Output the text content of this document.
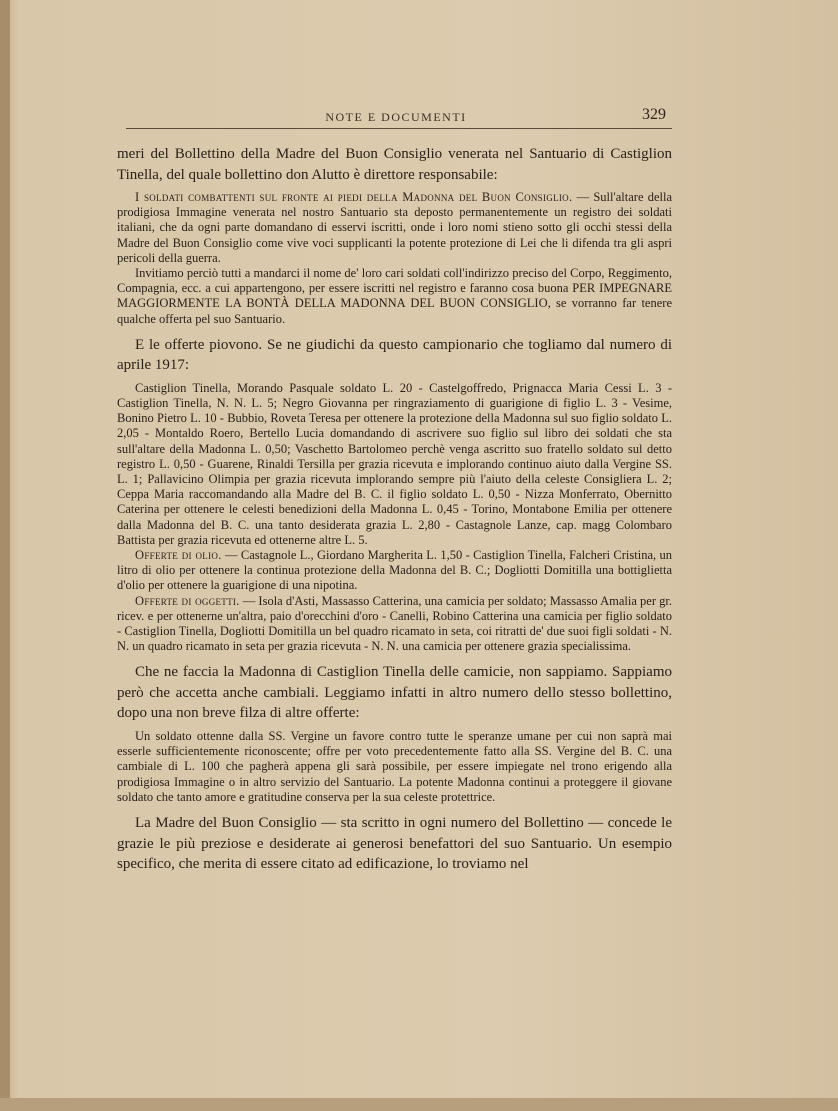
NOTE E DOCUMENTI	329

meri del Bollettino della Madre del Buon Consiglio venerata nel Santuario di Castiglion Tinella, del quale bollettino don Alutto è direttore responsabile:

I soldati combattenti sul fronte ai piedi della Madonna del Buon Consiglio. — Sull'altare della prodigiosa Immagine venerata nel nostro Santuario sta deposto permanentemente un registro dei soldati italiani, che da ogni parte domandano di esservi iscritti, onde i loro nomi stieno sotto gli occhi stessi della Madre del Buon Consiglio come vive voci supplicanti la potente protezione di Lei che li difenda tra gli aspri pericoli della guerra.

Invitiamo perciò tutti a mandarci il nome de' loro cari soldati coll'indirizzo preciso del Corpo, Reggimento, Compagnia, ecc. a cui appartengono, per essere iscritti nel registro e faranno cosa buona PER IMPEGNARE MAGGIORMENTE LA BONTÀ DELLA MADONNA DEL BUON CONSIGLIO, se vorranno far tenere qualche offerta pel suo Santuario.

E le offerte piovono. Se ne giudichi da questo campionario che togliamo dal numero di aprile 1917:

Castiglion Tinella, Morando Pasquale soldato L. 20 - Castelgoffredo, Prignacca Maria Cessi L. 3 - Castiglion Tinella, N. N. L. 5; Negro Giovanna per ringraziamento di guarigione di figlio L. 3 - Vesime, Bonino Pietro L. 10 - Bubbio, Roveta Teresa per ottenere la protezione della Madonna sul suo figlio soldato L. 2,05 - Montaldo Roero, Bertello Lucia domandando di ascrivere suo figlio sul libro dei soldati che sta sull'altare della Madonna L. 0,50; Vaschetto Bartolomeo perchè venga ascritto suo fratello soldato sul detto registro L. 0,50 - Guarene, Rinaldi Tersilla per grazia ricevuta e implorando continuo aiuto dalla Vergine SS. L. 1; Pallavicino Olimpia per grazia ricevuta implorando sempre più l'aiuto della celeste Consigliera L. 2; Ceppa Maria raccomandando alla Madre del B. C. il figlio soldato L. 0,50 - Nizza Monferrato, Obernitto Caterina per ottenere le celesti benedizioni della Madonna L. 0,45 - Torino, Montabone Emilia per ottenere dalla Madonna del B. C. una tanto desiderata grazia L. 2,80 - Castagnole Lanze, cap. magg Colombaro Battista per grazia ricevuta ed ottenerne altre L. 5.

Offerte di olio. — Castagnole L., Giordano Margherita L. 1,50 - Castiglion Tinella, Falcheri Cristina, un litro di olio per ottenere la continua protezione della Madonna del B. C.; Dogliotti Domitilla una bottiglietta d'olio per ottenere la guarigione di una nipotina.

Offerte di oggetti. — Isola d'Asti, Massasso Catterina, una camicia per soldato; Massasso Amalia per gr. ricev. e per ottenerne un'altra, paio d'orecchini d'oro - Canelli, Robino Catterina una camicia per figlio soldato - Castiglion Tinella, Dogliotti Domitilla un bel quadro ricamato in seta, coi ritratti de' due suoi figli soldati - N. N. un quadro ricamato in seta per grazia ricevuta - N. N. una camicia per ottenere grazia specialissima.

Che ne faccia la Madonna di Castiglion Tinella delle camicie, non sappiamo. Sappiamo però che accetta anche cambiali. Leggiamo infatti in altro numero dello stesso bollettino, dopo una non breve filza di altre offerte:

Un soldato ottenne dalla SS. Vergine un favore contro tutte le speranze umane per cui non saprà mai esserle sufficientemente riconoscente; offre per voto precedentemente fatto alla SS. Vergine del B. C. una cambiale di L. 100 che pagherà appena gli sarà possibile, per essere impiegate nel trono erigendo alla prodigiosa Immagine o in altro servizio del Santuario. La potente Madonna continui a proteggere il giovane soldato che tanto amore e gratitudine conserva per la sua celeste protettrice.

La Madre del Buon Consiglio — sta scritto in ogni numero del Bollettino — concede le grazie le più preziose e desiderate ai generosi benefattori del suo Santuario. Un esempio specifico, che merita di essere citato ad edificazione, lo troviamo nel
